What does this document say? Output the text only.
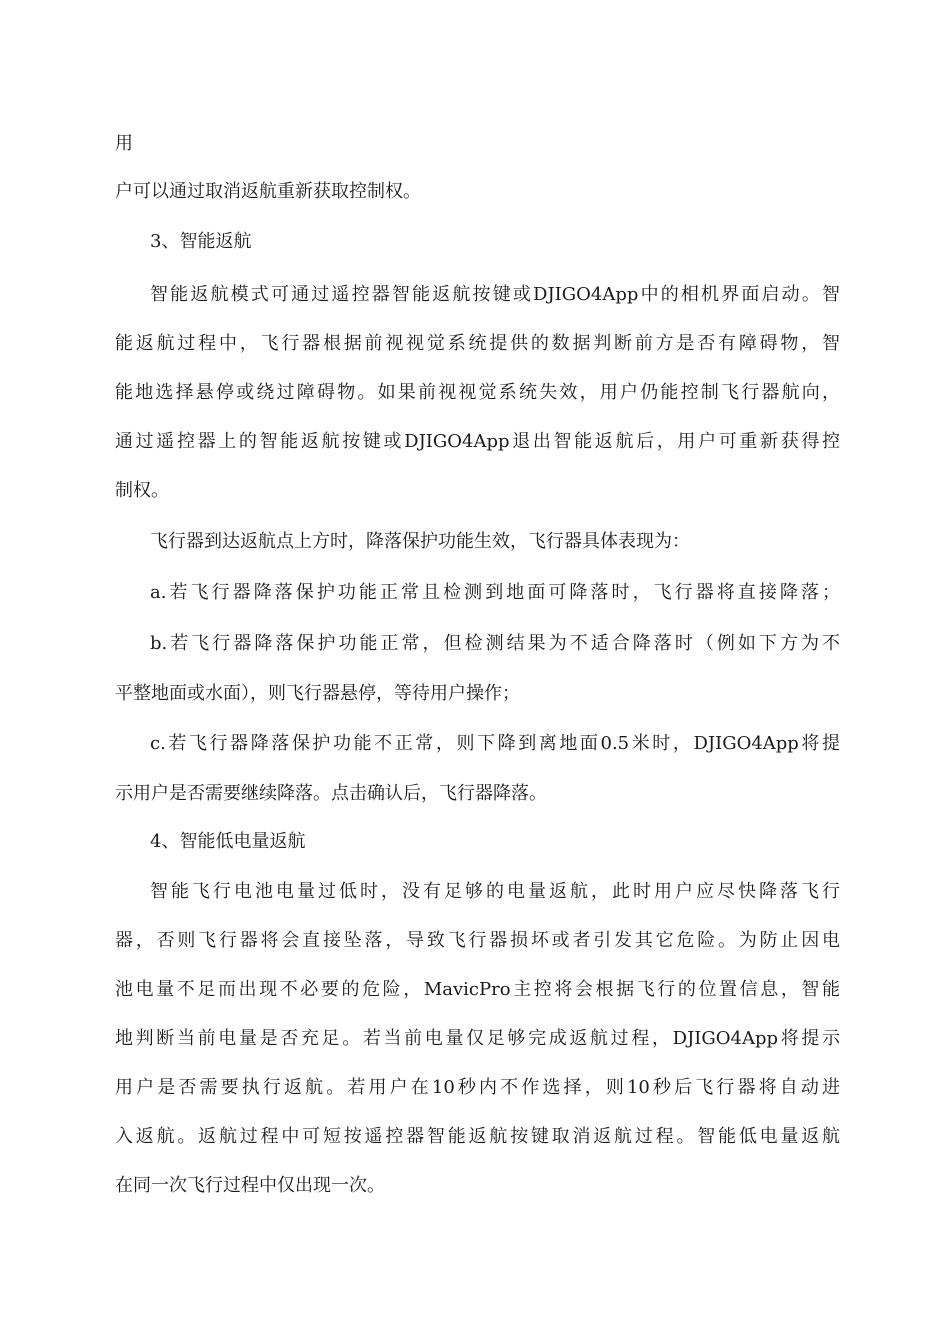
用
户可以通过取消返航重新获取控制权。
3、智能返航
智能返航模式可通过遥控器智能返航按键或DJIGO4App中的相机界面启动。智
能返航过程中，飞行器根据前视视觉系统提供的数据判断前方是否有障碍物，智
能地选择悬停或绕过障碍物。如果前视视觉系统失效，用户仍能控制飞行器航向，
通过遥控器上的智能返航按键或DJIGO4App退出智能返航后，用户可重新获得控
制权。
飞行器到达返航点上方时，降落保护功能生效，飞行器具体表现为：
a.若飞行器降落保护功能正常且检测到地面可降落时，飞行器将直接降落；
b.若飞行器降落保护功能正常，但检测结果为不适合降落时（例如下方为不
平整地面或水面），则飞行器悬停，等待用户操作；
c.若飞行器降落保护功能不正常，则下降到离地面0.5米时，DJIGO4App将提
示用户是否需要继续降落。点击确认后，飞行器降落。
4、智能低电量返航
智能飞行电池电量过低时，没有足够的电量返航，此时用户应尽快降落飞行
器，否则飞行器将会直接坠落，导致飞行器损坏或者引发其它危险。为防止因电
池电量不足而出现不必要的危险，MavicPro主控将会根据飞行的位置信息，智能
地判断当前电量是否充足。若当前电量仅足够完成返航过程，DJIGO4App将提示
用户是否需要执行返航。若用户在10秒内不作选择，则10秒后飞行器将自动进
入返航。返航过程中可短按遥控器智能返航按键取消返航过程。智能低电量返航
在同一次飞行过程中仅出现一次。
